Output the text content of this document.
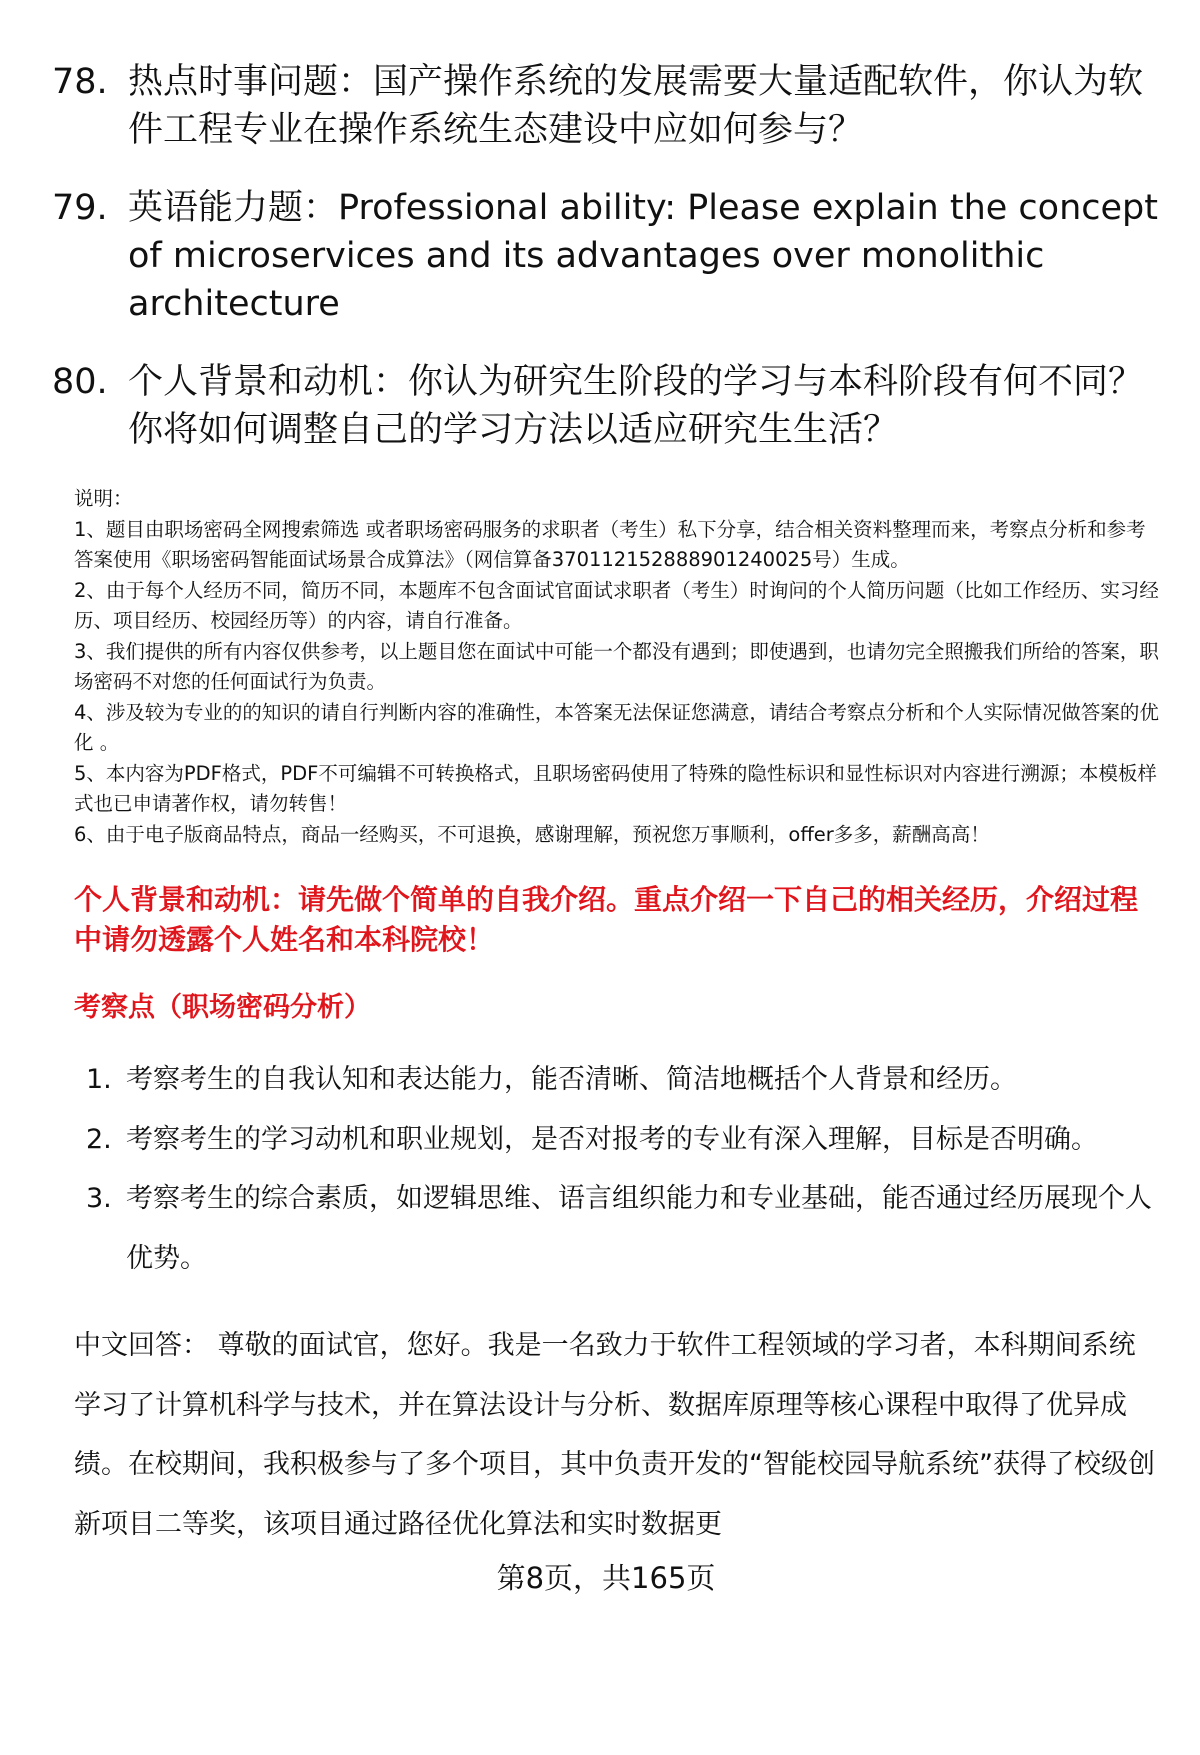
78. 热点时事问题：国产操作系统的发展需要大量适配软件，你认为软件工程专业在操作系统生态建设中应如何参与？
79. 英语能力题：Professional ability: Please explain the concept of microservices and its advantages over monolithic architecture
80. 个人背景和动机：你认为研究生阶段的学习与本科阶段有何不同？你将如何调整自己的学习方法以适应研究生生活？
说明：
1、题目由职场密码全网搜索筛选 或者职场密码服务的求职者（考生）私下分享，结合相关资料整理而来，考察点分析和参考答案使用《职场密码智能面试场景合成算法》（网信算备370112152888901240025号）生成。
2、由于每个人经历不同，简历不同，本题库不包含面试官面试求职者（考生）时询问的个人简历问题（比如工作经历、实习经历、项目经历、校园经历等）的内容，请自行准备。
3、我们提供的所有内容仅供参考，以上题目您在面试中可能一个都没有遇到；即使遇到，也请勿完全照搬我们所给的答案，职场密码不对您的任何面试行为负责。
4、涉及较为专业的的知识的请自行判断内容的准确性，本答案无法保证您满意，请结合考察点分析和个人实际情况做答案的优化 。
5、本内容为PDF格式，PDF不可编辑不可转换格式，且职场密码使用了特殊的隐性标识和显性标识对内容进行溯源；本模板样式也已申请著作权，请勿转售！
6、由于电子版商品特点，商品一经购买，不可退换，感谢理解，预祝您万事顺利，offer多多，薪酬高高！
个人背景和动机：请先做个简单的自我介绍。重点介绍一下自己的相关经历，介绍过程中请勿透露个人姓名和本科院校！
考察点（职场密码分析）
1. 考察考生的自我认知和表达能力，能否清晰、简洁地概括个人背景和经历。
2. 考察考生的学习动机和职业规划，是否对报考的专业有深入理解，目标是否明确。
3. 考察考生的综合素质，如逻辑思维、语言组织能力和专业基础，能否通过经历展现个人优势。
中文回答： 尊敬的面试官，您好。我是一名致力于软件工程领域的学习者，本科期间系统学习了计算机科学与技术，并在算法设计与分析、数据库原理等核心课程中取得了优异成绩。在校期间，我积极参与了多个项目，其中负责开发的“智能校园导航系统”获得了校级创新项目二等奖，该项目通过路径优化算法和实时数据更
第8页，共165页
